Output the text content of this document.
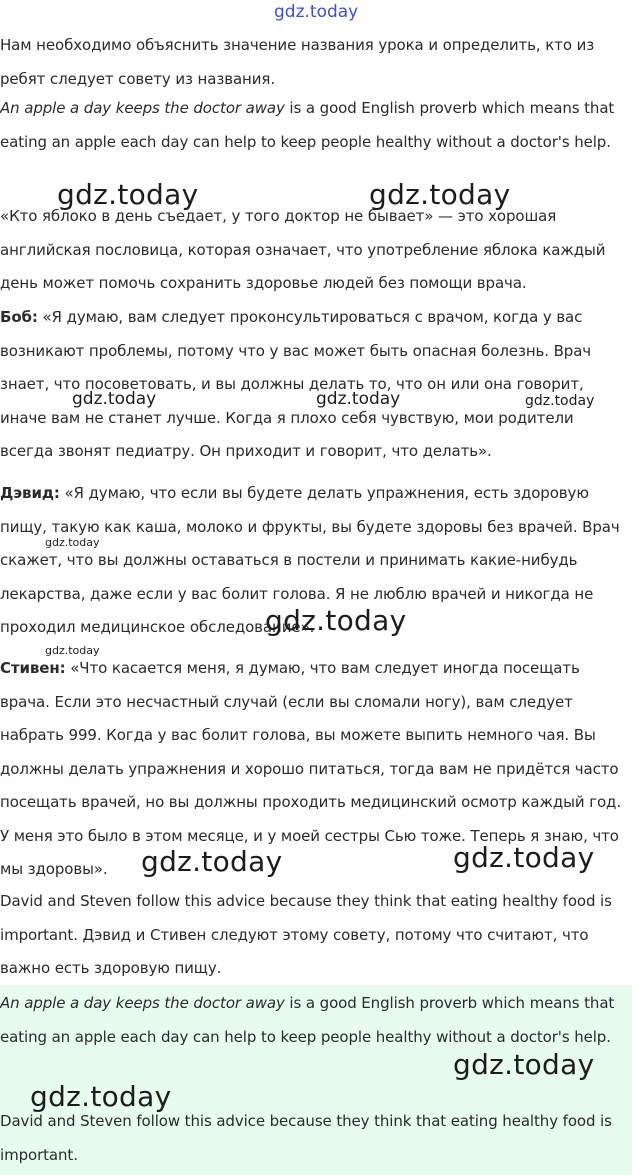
Нам необходимо объяснить значение названия урока и определить, кто из ребят следует совету из названия.

An apple a day keeps the doctor away is a good English proverb which means that eating an apple each day can help to keep people healthy without a doctor's help.

«Кто яблоко в день съедает, у того доктор не бывает» — это хорошая английская пословица, которая означает, что употребление яблока каждый день может помочь сохранить здоровье людей без помощи врача.

Боб: «Я думаю, вам следует проконсультироваться с врачом, когда у вас возникают проблемы, потому что у вас может быть опасная болезнь. Врач знает, что посоветовать, и вы должны делать то, что он или она говорит, иначе вам не станет лучше. Когда я плохо себя чувствую, мои родители всегда звонят педиатру. Он приходит и говорит, что делать».

Дэвид: «Я думаю, что если вы будете делать упражнения, есть здоровую пищу, такую как каша, молоко и фрукты, вы будете здоровы без врачей. Врач скажет, что вы должны оставаться в постели и принимать какие-нибудь лекарства, даже если у вас болит голова. Я не люблю врачей и никогда не проходил медицинское обследование».

Стивен: «Что касается меня, я думаю, что вам следует иногда посещать врача. Если это несчастный случай (если вы сломали ногу), вам следует набрать 999. Когда у вас болит голова, вы можете выпить немного чая. Вы должны делать упражнения и хорошо питаться, тогда вам не придётся часто посещать врачей, но вы должны проходить медицинский осмотр каждый год. У меня это было в этом месяце, и у моей сестры Сью тоже. Теперь я знаю, что мы здоровы».

David and Steven follow this advice because they think that eating healthy food is important. Дэвид и Стивен следуют этому совету, потому что считают, что важно есть здоровую пищу.

An apple a day keeps the doctor away is a good English proverb which means that eating an apple each day can help to keep people healthy without a doctor's help.

David and Steven follow this advice because they think that eating healthy food is important.

gdz.today
gdz.today	gdz.today
gdz.today	gdz.today	gdz.today
gdz.today
gdz.today
gdz.today
gdz.today	gdz.today
gdz.today
gdz.today
